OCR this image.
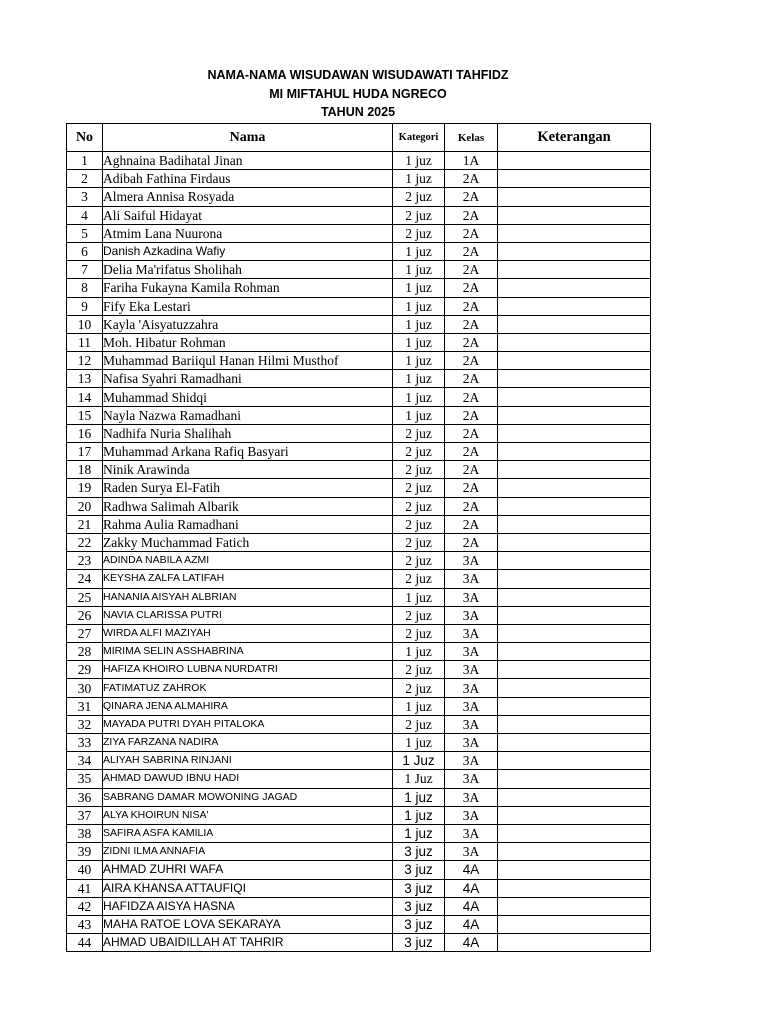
NAMA-NAMA WISUDAWAN WISUDAWATI TAHFIDZ
MI MIFTAHUL HUDA NGRECO
TAHUN 2025
No	Nama	Kategori	Kelas	Keterangan
1	Aghnaina Badihatal Jinan	1 juz	1A	
2	Adibah Fathina Firdaus	1 juz	2A	
3	Almera Annisa Rosyada	2 juz	2A	
4	Ali Saiful Hidayat	2 juz	2A	
5	Atmim Lana Nuurona	2 juz	2A	
6	Danish Azkadina Wafiy	1 juz	2A	
7	Delia Ma'rifatus Sholihah	1 juz	2A	
8	Fariha Fukayna Kamila Rohman	1 juz	2A	
9	Fify Eka Lestari	1 juz	2A	
10	Kayla 'Aisyatuzzahra	1 juz	2A	
11	Moh. Hibatur Rohman	1 juz	2A	
12	Muhammad Bariiqul Hanan Hilmi Musthof	1 juz	2A	
13	Nafisa Syahri Ramadhani	1 juz	2A	
14	Muhammad Shidqi	1 juz	2A	
15	Nayla Nazwa Ramadhani	1 juz	2A	
16	Nadhifa Nuria Shalihah	2 juz	2A	
17	Muhammad Arkana Rafiq Basyari	2 juz	2A	
18	Ninik Arawinda	2 juz	2A	
19	Raden Surya El-Fatih	2 juz	2A	
20	Radhwa Salimah Albarik	2 juz	2A	
21	Rahma Aulia Ramadhani	2 juz	2A	
22	Zakky Muchammad Fatich	2 juz	2A	
23	ADINDA NABILA AZMI	2 juz	3A	
24	KEYSHA ZALFA LATIFAH	2 juz	3A	
25	HANANIA AISYAH ALBRIAN	1 juz	3A	
26	NAVIA CLARISSA PUTRI	2 juz	3A	
27	WIRDA ALFI MAZIYAH	2 juz	3A	
28	MIRIMA SELIN ASSHABRINA	1 juz	3A	
29	HAFIZA KHOIRO LUBNA NURDATRI	2 juz	3A	
30	FATIMATUZ ZAHROK	2 juz	3A	
31	QINARA JENA ALMAHIRA	1 juz	3A	
32	MAYADA PUTRI DYAH PITALOKA	2 juz	3A	
33	ZIYA FARZANA NADIRA	1 juz	3A	
34	ALIYAH SABRINA RINJANI	1 Juz	3A	
35	AHMAD DAWUD IBNU HADI	1 Juz	3A	
36	SABRANG DAMAR MOWONING JAGAD	1 juz	3A	
37	ALYA KHOIRUN NISA'	1 juz	3A	
38	SAFIRA ASFA KAMILIA	1 juz	3A	
39	ZIDNI ILMA ANNAFIA	3 juz	3A	
40	AHMAD ZUHRI WAFA	3 juz	4A	
41	AIRA KHANSA ATTAUFIQI	3 juz	4A	
42	HAFIDZA AISYA HASNA	3 juz	4A	
43	MAHA RATOE LOVA SEKARAYA	3 juz	4A	
44	AHMAD UBAIDILLAH AT TAHRIR	3 juz	4A	
